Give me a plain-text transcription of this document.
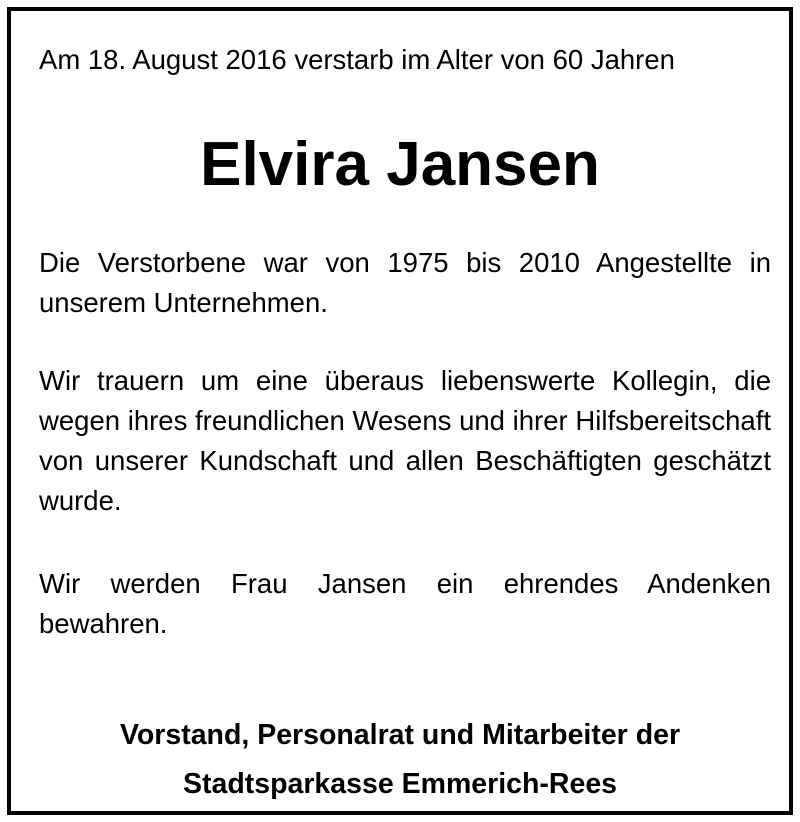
Am 18. August 2016 verstarb im Alter von 60 Jahren
Elvira Jansen

Die Verstorbene war von 1975 bis 2010 Angestellte in unserem Unternehmen.

Wir trauern um eine überaus liebenswerte Kollegin, die wegen ihres freundlichen Wesens und ihrer Hilfsbereitschaft von unserer Kundschaft und allen Beschäftigten geschätzt wurde.

Wir werden Frau Jansen ein ehrendes Andenken bewahren.

Vorstand, Personalrat und Mitarbeiter der
Stadtsparkasse Emmerich-Rees
